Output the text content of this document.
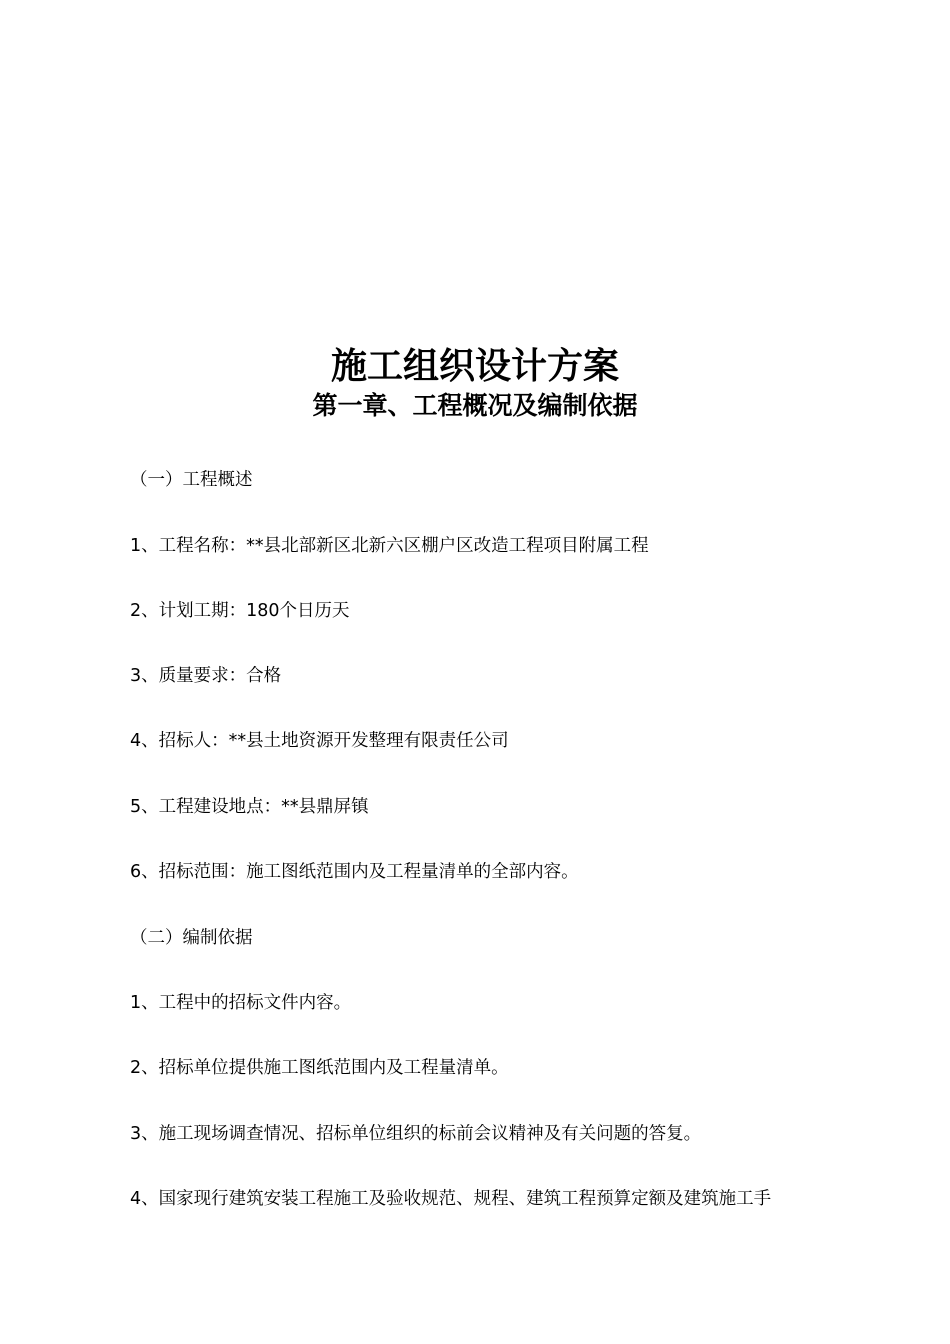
施工组织设计方案
第一章、工程概况及编制依据
（一）工程概述
1、工程名称：**县北部新区北新六区棚户区改造工程项目附属工程
2、计划工期：180个日历天
3、质量要求：合格
4、招标人：**县土地资源开发整理有限责任公司
5、工程建设地点：**县鼎屏镇
6、招标范围：施工图纸范围内及工程量清单的全部内容。
（二）编制依据
1、工程中的招标文件内容。
2、招标单位提供施工图纸范围内及工程量清单。
3、施工现场调查情况、招标单位组织的标前会议精神及有关问题的答复。
4、国家现行建筑安装工程施工及验收规范、规程、建筑工程预算定额及建筑施工手
